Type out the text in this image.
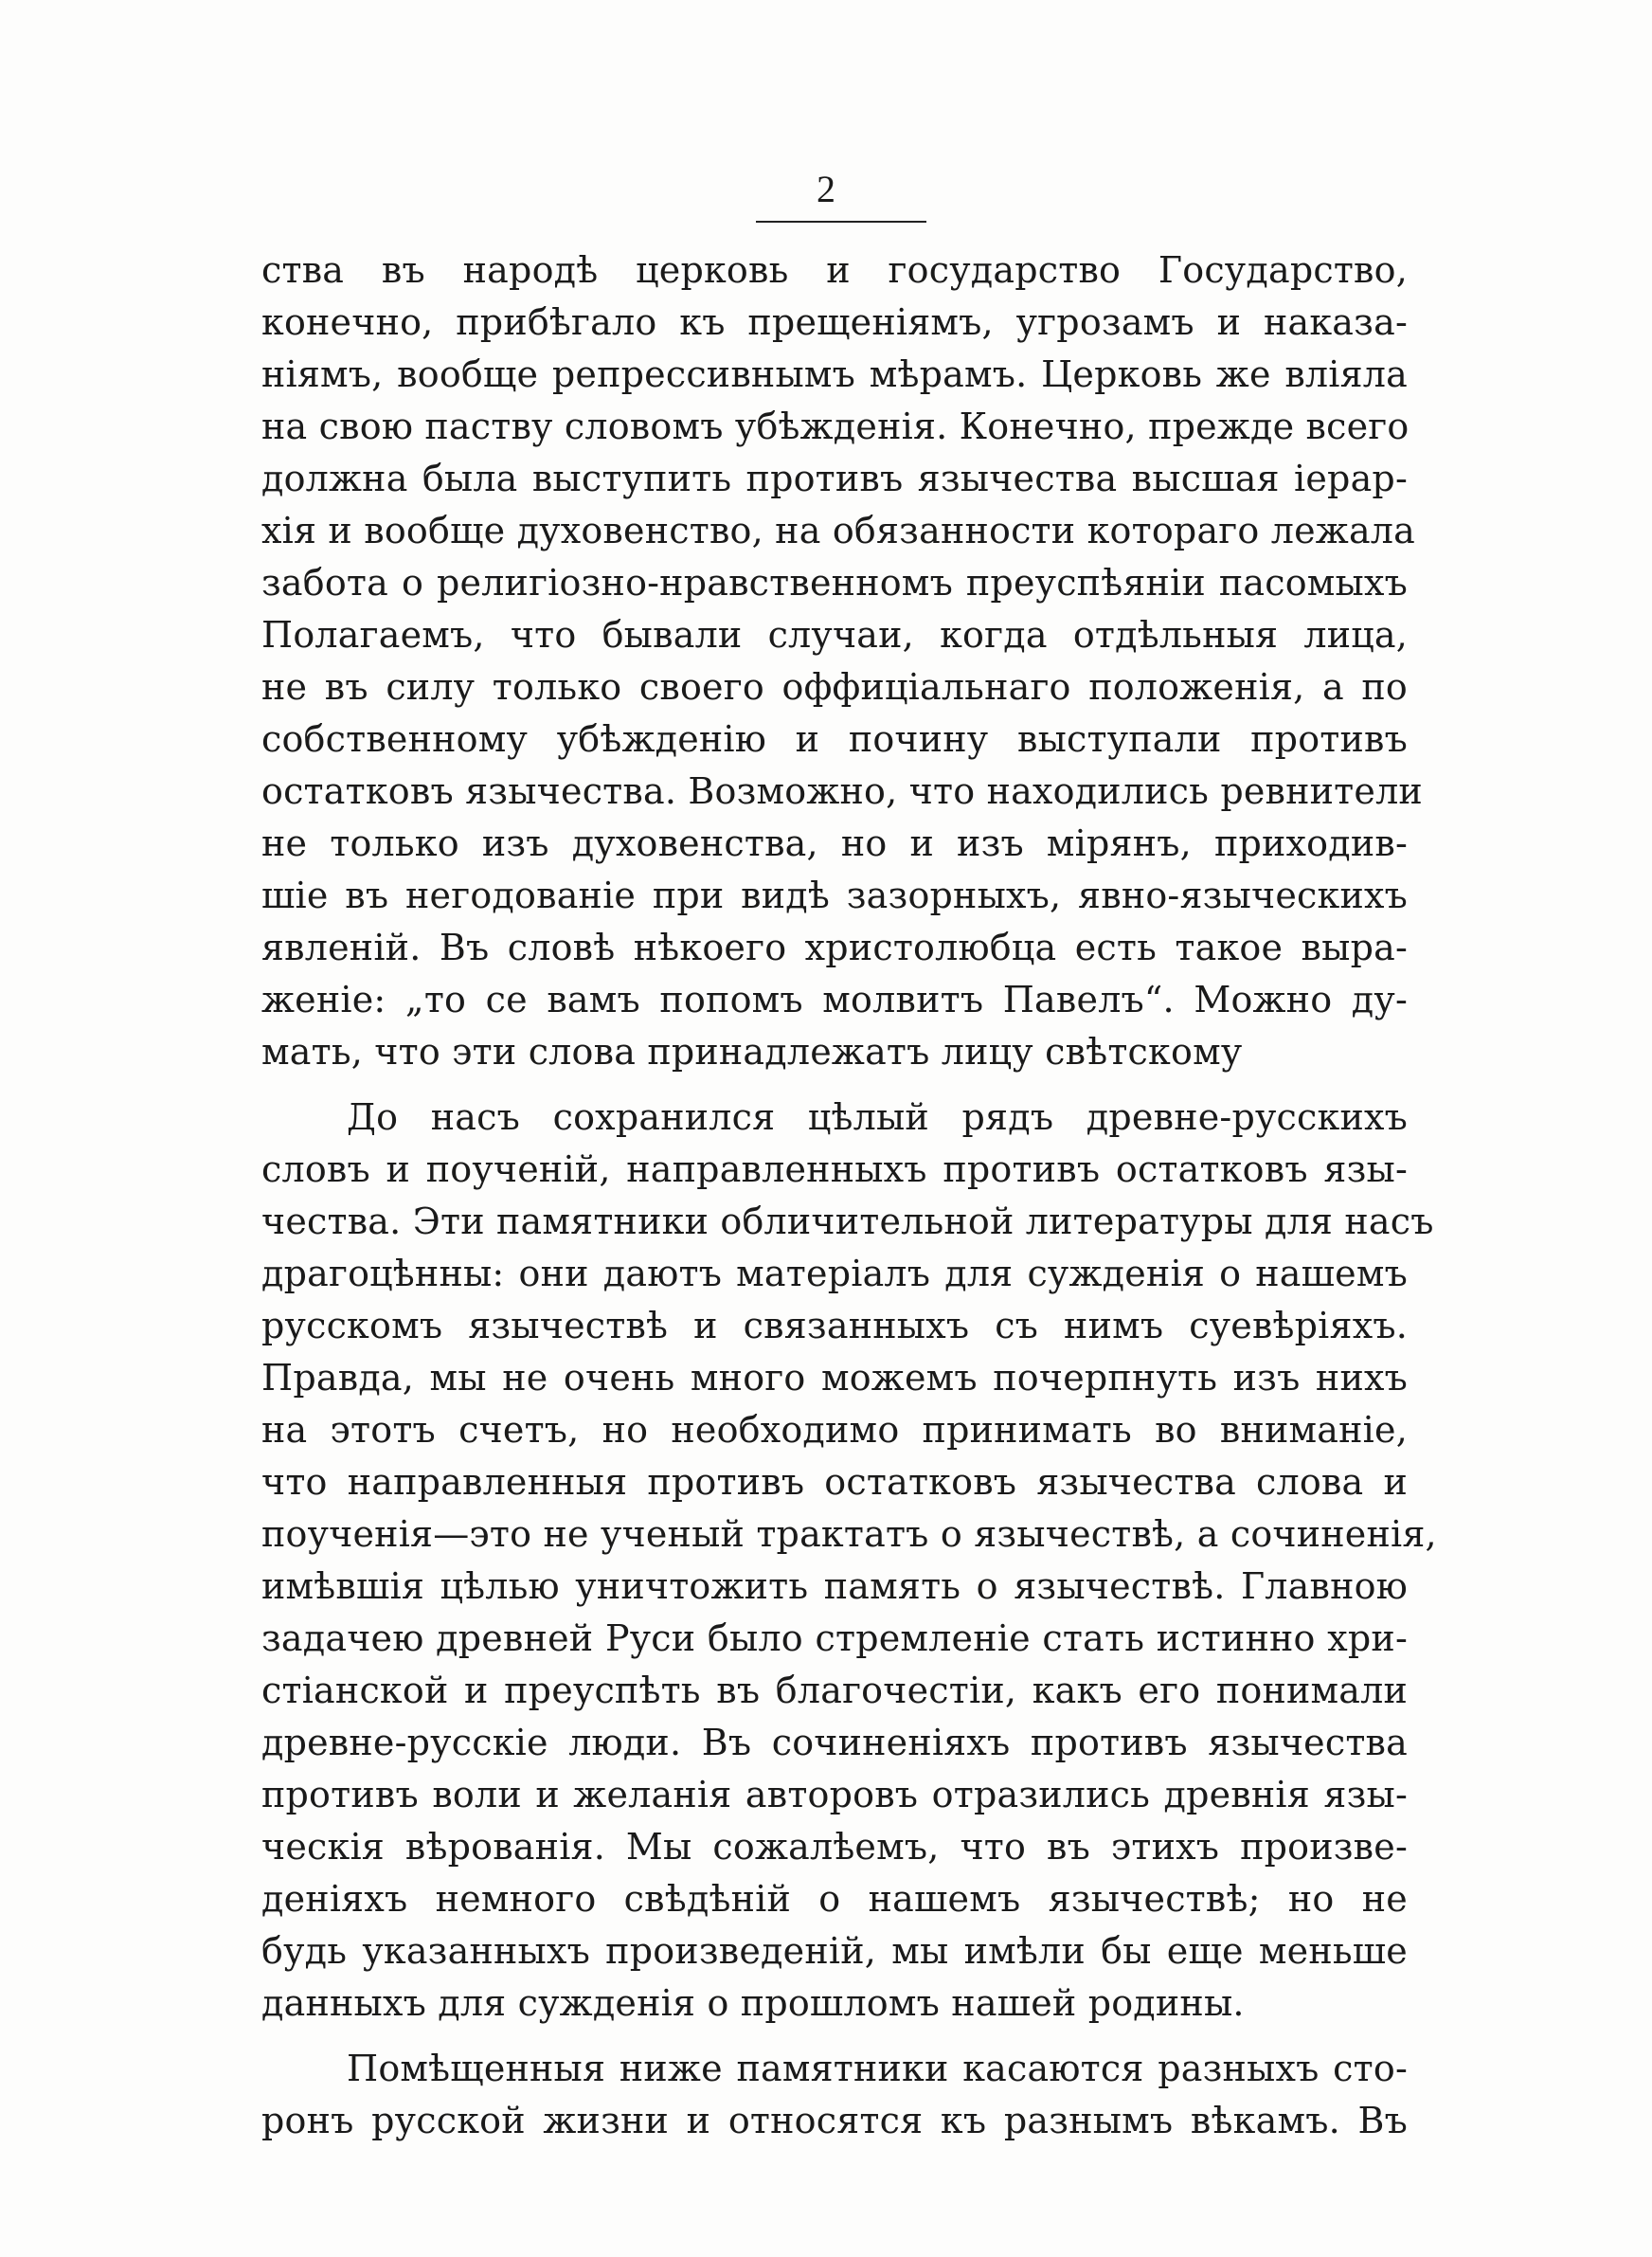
2
ства въ народѣ церковь и государство Государство,
конечно, прибѣгало къ прещеніямъ, угрозамъ и наказа-
ніямъ, вообще репрессивнымъ мѣрамъ. Церковь же вліяла
на свою паству словомъ убѣжденія. Конечно, прежде всего
должна была выступить противъ язычества высшая іерар-
хія и вообще духовенство, на обязанности котораго лежала
забота о религіозно-нравственномъ преуспѣяніи пасомыхъ
Полагаемъ, что бывали случаи, когда отдѣльныя лица,
не въ силу только своего оффиціальнаго положенія, а по
собственному убѣжденію и почину выступали противъ
остатковъ язычества. Возможно, что находились ревнители
не только изъ духовенства, но и изъ мірянъ, приходив-
шіе въ негодованіе при видѣ зазорныхъ, явно-языческихъ
явленій. Въ словѣ нѣкоего христолюбца есть такое выра-
женіе: „то се вамъ попомъ молвитъ Павелъ“. Можно ду-
мать, что эти слова принадлежатъ лицу свѣтскому
До насъ сохранился цѣлый рядъ древне-русскихъ
словъ и поученій, направленныхъ противъ остатковъ язы-
чества. Эти памятники обличительной литературы для насъ
драгоцѣнны: они даютъ матеріалъ для сужденія о нашемъ
русскомъ язычествѣ и связанныхъ съ нимъ суевѣріяхъ.
Правда, мы не очень много можемъ почерпнуть изъ нихъ
на этотъ счетъ, но необходимо принимать во вниманіе,
что направленныя противъ остатковъ язычества слова и
поученія—это не ученый трактатъ о язычествѣ, а сочиненія,
имѣвшія цѣлью уничтожить память о язычествѣ. Главною
задачею древней Руси было стремленіе стать истинно хри-
стіанской и преуспѣть въ благочестіи, какъ его понимали
древне-русскіе люди. Въ сочиненіяхъ противъ язычества
противъ воли и желанія авторовъ отразились древнія язы-
ческія вѣрованія. Мы сожалѣемъ, что въ этихъ произве-
деніяхъ немного свѣдѣній о нашемъ язычествѣ; но не
будь указанныхъ произведеній, мы имѣли бы еще меньше
данныхъ для сужденія о прошломъ нашей родины.
Помѣщенныя ниже памятники касаются разныхъ сто-
ронъ русской жизни и относятся къ разнымъ вѣкамъ. Въ
